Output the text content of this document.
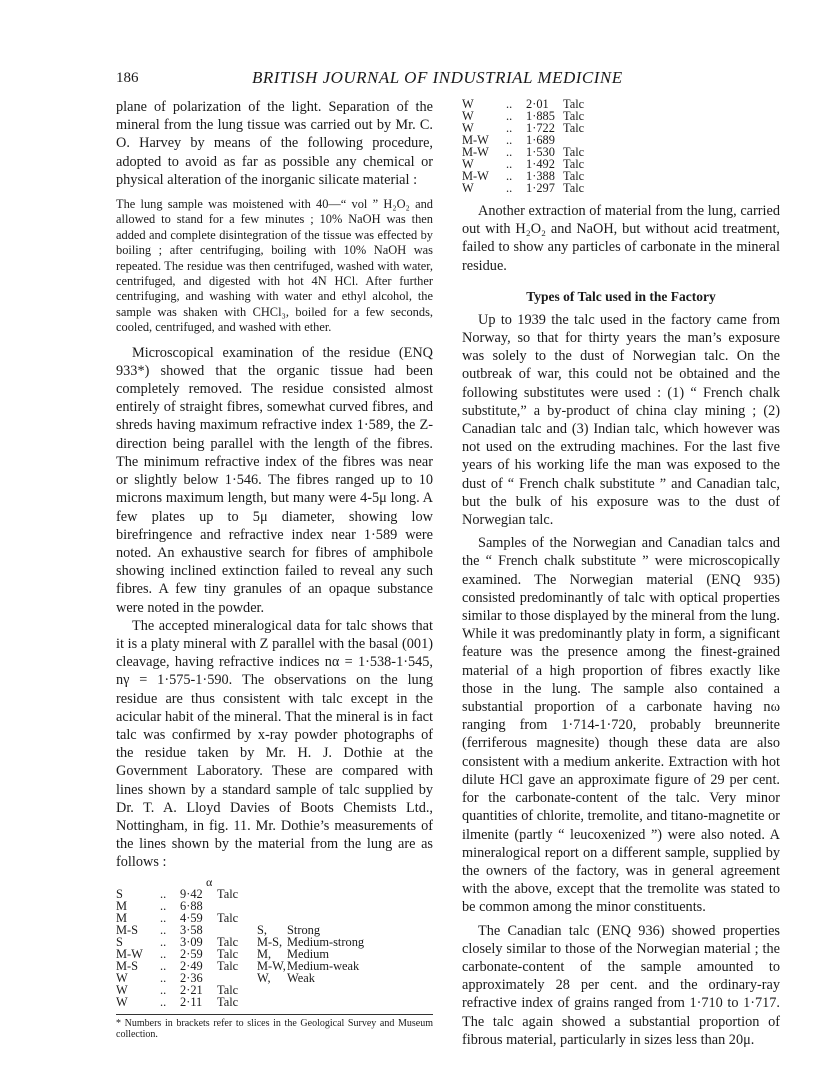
186	BRITISH JOURNAL OF INDUSTRIAL MEDICINE

plane of polarization of the light. Separation of the mineral from the lung tissue was carried out by Mr. C. O. Harvey by means of the following procedure, adopted to avoid as far as possible any chemical or physical alteration of the inorganic silicate material :

The lung sample was moistened with 40—“ vol ” H₂O₂ and allowed to stand for a few minutes ; 10% NaOH was then added and complete disintegration of the tissue was effected by boiling ; after centrifuging, boiling with 10% NaOH was repeated. The residue was then centrifuged, washed with water, centrifuged, and digested with hot 4N HCl. After further centrifuging, and washing with water and ethyl alcohol, the sample was shaken with CHCl₃, boiled for a few seconds, cooled, centrifuged, and washed with ether.

Microscopical examination of the residue (ENQ 933*) showed that the organic tissue had been completely removed. The residue consisted almost entirely of straight fibres, somewhat curved fibres, and shreds having maximum refractive index 1·589, the Z-direction being parallel with the length of the fibres. The minimum refractive index of the fibres was near or slightly below 1·546. The fibres ranged up to 10 microns maximum length, but many were 4-5μ long. A few plates up to 5μ diameter, showing low birefringence and refractive index near 1·589 were noted. An exhaustive search for fibres of amphibole showing inclined extinction failed to reveal any such fibres. A few tiny granules of an opaque substance were noted in the powder.

The accepted mineralogical data for talc shows that it is a platy mineral with Z parallel with the basal (001) cleavage, having refractive indices nα = 1·538-1·545, nγ = 1·575-1·590. The observations on the lung residue are thus consistent with talc except in the acicular habit of the mineral. That the mineral is in fact talc was confirmed by x-ray powder photographs of the residue taken by Mr. H. J. Dothie at the Government Laboratory. These are compared with lines shown by a standard sample of talc supplied by Dr. T. A. Lloyd Davies of Boots Chemists Ltd., Nottingham, in fig. 11. Mr. Dothie’s measurements of the lines shown by the material from the lung are as follows :

α
S	..	9·42	Talc		
M	..	6·88			
M	..	4·59	Talc		
M-S	..	3·58		S,	Strong
S	..	3·09	Talc	M-S,	Medium-strong
M-W	..	2·59	Talc	M,	Medium
M-S	..	2·49	Talc	M-W,	Medium-weak
W	..	2·36		W,	Weak
W	..	2·21	Talc		
W	..	2·11	Talc		

* Numbers in brackets refer to slices in the Geological Survey and Museum collection.

W	..	2·01	Talc
W	..	1·885	Talc
W	..	1·722	Talc
M-W	..	1·689	
M-W	..	1·530	Talc
W	..	1·492	Talc
M-W	..	1·388	Talc
W	..	1·297	Talc

Another extraction of material from the lung, carried out with H₂O₂ and NaOH, but without acid treatment, failed to show any particles of carbonate in the mineral residue.

Types of Talc used in the Factory

Up to 1939 the talc used in the factory came from Norway, so that for thirty years the man’s exposure was solely to the dust of Norwegian talc. On the outbreak of war, this could not be obtained and the following substitutes were used : (1) “ French chalk substitute,” a by-product of china clay mining ; (2) Canadian talc and (3) Indian talc, which however was not used on the extruding machines. For the last five years of his working life the man was exposed to the dust of “ French chalk substitute ” and Canadian talc, but the bulk of his exposure was to the dust of Norwegian talc.

Samples of the Norwegian and Canadian talcs and the “ French chalk substitute ” were microscopically examined. The Norwegian material (ENQ 935) consisted predominantly of talc with optical properties similar to those displayed by the mineral from the lung. While it was predominantly platy in form, a significant feature was the presence among the finest-grained material of a high proportion of fibres exactly like those in the lung. The sample also contained a substantial proportion of a carbonate having nω ranging from 1·714-1·720, probably breunnerite (ferriferous magnesite) though these data are also consistent with a medium ankerite. Extraction with hot dilute HCl gave an approximate figure of 29 per cent. for the carbonate-content of the talc. Very minor quantities of chlorite, tremolite, and titano-magnetite or ilmenite (partly “ leucoxenized ”) were also noted. A mineralogical report on a different sample, supplied by the owners of the factory, was in general agreement with the above, except that the tremolite was stated to be common among the minor constituents.

The Canadian talc (ENQ 936) showed properties closely similar to those of the Norwegian material ; the carbonate-content of the sample amounted to approximately 28 per cent. and the ordinary-ray refractive index of grains ranged from 1·710 to 1·717. The talc again showed a substantial proportion of fibrous material, particularly in sizes less than 20μ.
